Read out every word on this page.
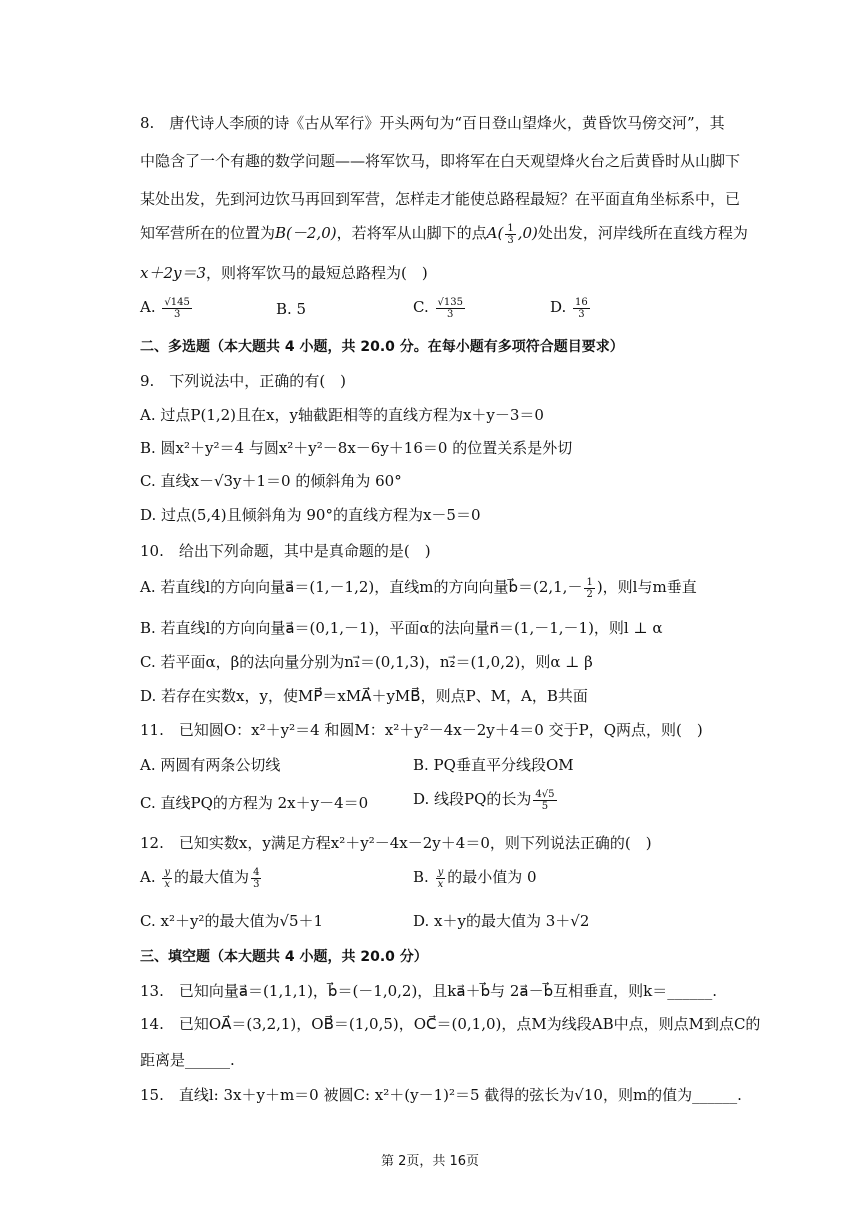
8.　唐代诗人李颀的诗《古从军行》开头两句为“百日登山望烽火，黄昏饮马傍交河”，其
中隐含了一个有趣的数学问题——将军饮马，即将军在白天观望烽火台之后黄昏时从山脚下
某处出发，先到河边饮马再回到军营，怎样走才能使总路程最短？在平面直角坐标系中，已
知军营所在的位置为B(－2,0)，若将军从山脚下的点$A( \frac{1}{3} ,0)$处出发，河岸线所在直线方程为
x＋2y＝3，则将军饮马的最短总路程为(　)
A. $\frac{√145}{3}$	B. 5	C. $\frac{√135}{3}$	D. $\frac{16}{3}$
二、多选题（本大题共 4 小题，共 20.0 分。在每小题有多项符合题目要求）
9.　下列说法中，正确的有(　)
A. 过点P(1,2)且在x，y轴截距相等的直线方程为x＋y－3＝0
B. 圆x²＋y²＝4 与圆x²＋y²－8x－6y＋16＝0 的位置关系是外切
C. 直线x－√3y＋1＝0 的倾斜角为 60°
D. 过点(5,4)且倾斜角为 90°的直线方程为x－5＝0
10.　给出下列命题，其中是真命题的是(　)
A. 若直线l的方向向量a⃗＝(1,－1,2)，直线m的方向向量b⃗＝(2,1,－ $\frac{1}{2}$ )，则l与m垂直
B. 若直线l的方向向量a⃗＝(0,1,－1)，平面α的法向量n⃗＝(1,－1,－1)，则l ⊥ α
C. 若平面α，β的法向量分别为n₁⃗＝(0,1,3)，n₂⃗＝(1,0,2)，则α ⊥ β
D. 若存在实数x，y，使MP⃗＝xMA⃗＋yMB⃗，则点P、M，A，B共面
11.　已知圆O：x²＋y²＝4 和圆M：x²＋y²－4x－2y＋4＝0 交于P，Q两点，则(　)
A. 两圆有两条公切线	B. PQ垂直平分线段OM
C. 直线PQ的方程为 2x＋y－4＝0	D. 线段PQ的长为 $\frac{4√5}{5}$
12.　已知实数x，y满足方程x²＋y²－4x－2y＋4＝0，则下列说法正确的(　)
A. $\frac{y}{x}$ 的最大值为 $\frac{4}{3}$	B. $\frac{y}{x}$ 的最小值为 0
C. x²＋y²的最大值为√5＋1	D. x＋y的最大值为 3＋√2
三、填空题（本大题共 4 小题，共 20.0 分）
13.　已知向量a⃗＝(1,1,1)，b⃗＝(－1,0,2)，且ka⃗＋b⃗与 2a⃗－b⃗互相垂直，则k＝______.
14.　已知OA⃗＝(3,2,1)，OB⃗＝(1,0,5)，OC⃗＝(0,1,0)，点M为线段AB中点，则点M到点C的
距离是______.
15.　直线l: 3x＋y＋m＝0 被圆C: x²＋(y－1)²＝5 截得的弦长为√10，则m的值为______.
第 2页，共 16页
